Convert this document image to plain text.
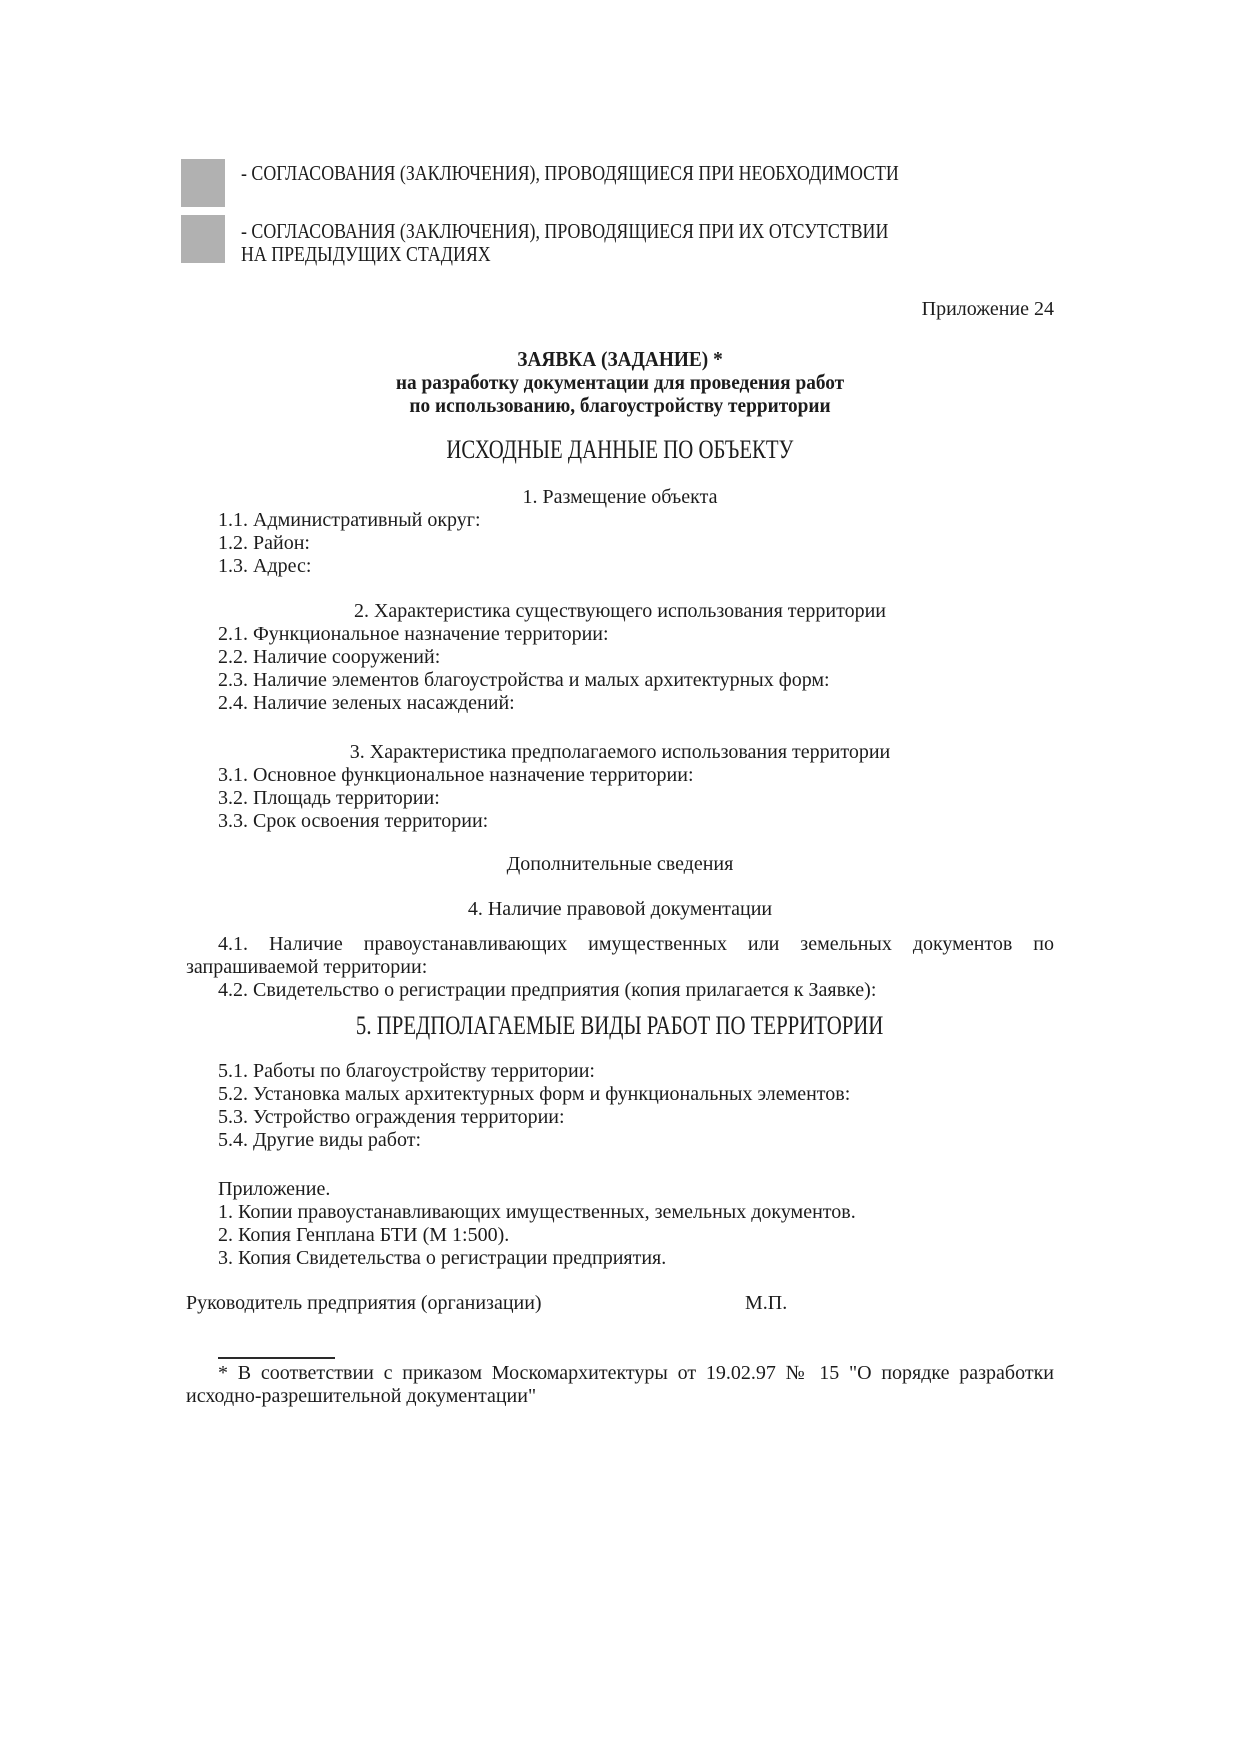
- СОГЛАСОВАНИЯ (ЗАКЛЮЧЕНИЯ), ПРОВОДЯЩИЕСЯ ПРИ НЕОБХОДИМОСТИ
- СОГЛАСОВАНИЯ (ЗАКЛЮЧЕНИЯ), ПРОВОДЯЩИЕСЯ ПРИ ИХ ОТСУТСТВИИ
НА ПРЕДЫДУЩИХ СТАДИЯХ
Приложение 24
ЗАЯВКА (ЗАДАНИЕ) *
на разработку документации для проведения работ
по использованию, благоустройству территории
ИСХОДНЫЕ ДАННЫЕ ПО ОБЪЕКТУ
1. Размещение объекта
1.1. Административный округ:
1.2. Район:
1.3. Адрес:
2. Характеристика существующего использования территории
2.1. Функциональное назначение территории:
2.2. Наличие сооружений:
2.3. Наличие элементов благоустройства и малых архитектурных форм:
2.4. Наличие зеленых насаждений:
3. Характеристика предполагаемого использования территории
3.1. Основное функциональное назначение территории:
3.2. Площадь территории:
3.3. Срок освоения территории:
Дополнительные сведения
4. Наличие правовой документации
4.1. Наличие правоустанавливающих имущественных или земельных документов по
запрашиваемой территории:
4.2. Свидетельство о регистрации предприятия (копия прилагается к Заявке):
5. ПРЕДПОЛАГАЕМЫЕ ВИДЫ РАБОТ ПО ТЕРРИТОРИИ
5.1. Работы по благоустройству территории:
5.2. Установка малых архитектурных форм и функциональных элементов:
5.3. Устройство ограждения территории:
5.4. Другие виды работ:
Приложение.
1. Копии правоустанавливающих имущественных, земельных документов.
2. Копия Генплана БТИ (М 1:500).
3. Копия Свидетельства о регистрации предприятия.
Руководитель предприятия (организации)	М.П.
* В соответствии с приказом Москомархитектуры от 19.02.97 № 15 "О порядке разработки
исходно-разрешительной документации"
